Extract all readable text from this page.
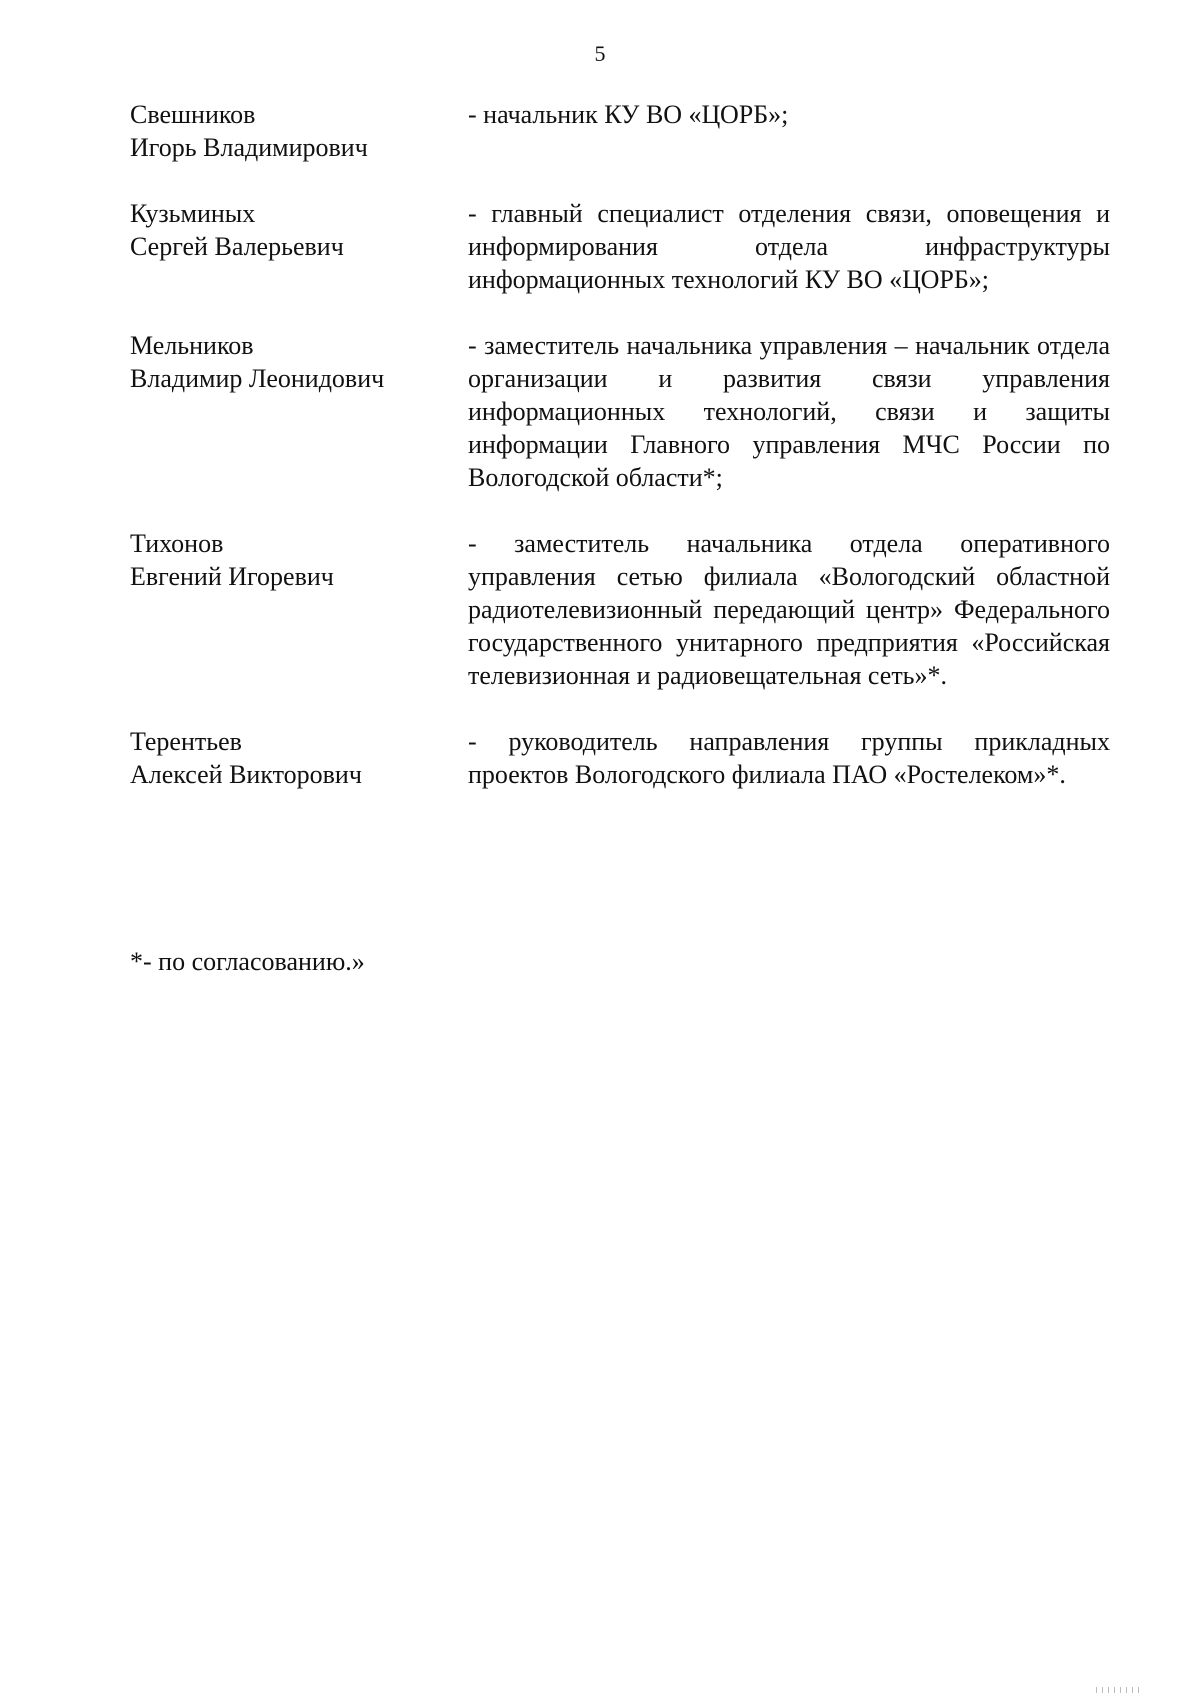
5
Свешников
Игорь Владимирович
- начальник КУ ВО «ЦОРБ»;
Кузьминых
Сергей Валерьевич
- главный специалист отделения связи, оповещения и информирования отдела инфраструктуры информационных технологий КУ ВО «ЦОРБ»;
Мельников
Владимир Леонидович
- заместитель начальника управления – начальник отдела организации и развития связи управления информационных технологий, связи и защиты информации Главного управления МЧС России по Вологодской области*;
Тихонов
Евгений Игоревич
- заместитель начальника отдела оперативного управления сетью филиала «Вологодский областной радиотелевизионный передающий центр» Федерального государственного унитарного предприятия «Российская телевизионная и радиовещательная сеть»*.
Терентьев
Алексей Викторович
- руководитель направления группы прикладных проектов Вологодского филиала ПАО «Ростелеком»*.
*- по согласованию.»
